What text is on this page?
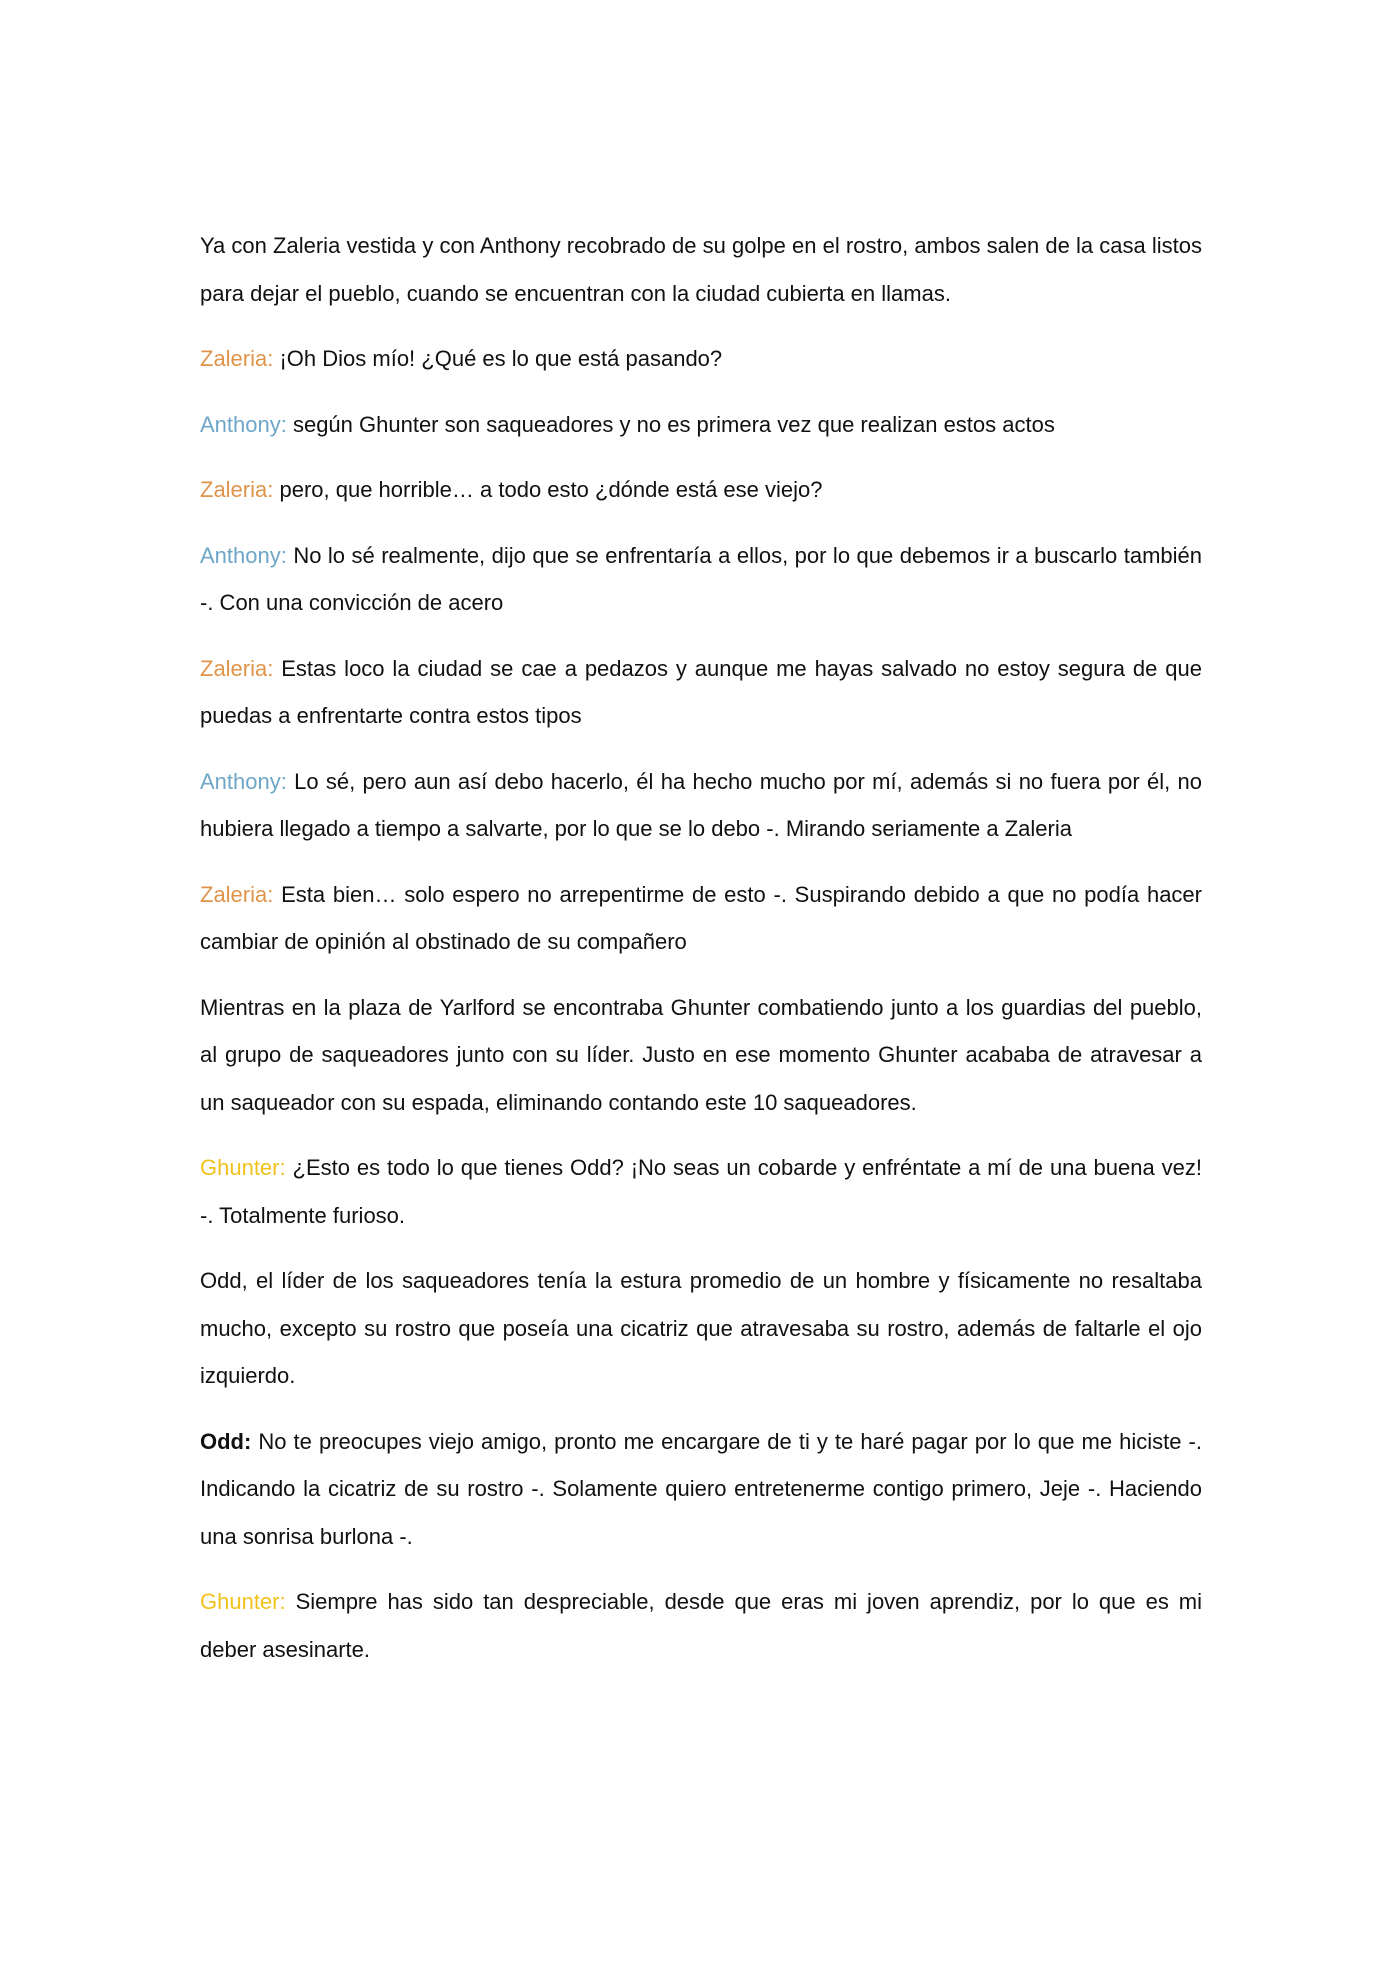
Ya con Zaleria vestida y con Anthony recobrado de su golpe en el rostro, ambos salen de la casa listos para dejar el pueblo, cuando se encuentran con la ciudad cubierta en llamas.

Zaleria: ¡Oh Dios mío! ¿Qué es lo que está pasando?

Anthony: según Ghunter son saqueadores y no es primera vez que realizan estos actos

Zaleria: pero, que horrible… a todo esto ¿dónde está ese viejo?

Anthony: No lo sé realmente, dijo que se enfrentaría a ellos, por lo que debemos ir a buscarlo también -. Con una convicción de acero

Zaleria: Estas loco la ciudad se cae a pedazos y aunque me hayas salvado no estoy segura de que puedas a enfrentarte contra estos tipos

Anthony: Lo sé, pero aun así debo hacerlo, él ha hecho mucho por mí, además si no fuera por él, no hubiera llegado a tiempo a salvarte, por lo que se lo debo -. Mirando seriamente a Zaleria

Zaleria: Esta bien… solo espero no arrepentirme de esto -. Suspirando debido a que no podía hacer cambiar de opinión al obstinado de su compañero

Mientras en la plaza de Yarlford se encontraba Ghunter combatiendo junto a los guardias del pueblo, al grupo de saqueadores junto con su líder. Justo en ese momento Ghunter acababa de atravesar a un saqueador con su espada, eliminando contando este 10 saqueadores.

Ghunter: ¿Esto es todo lo que tienes Odd? ¡No seas un cobarde y enfréntate a mí de una buena vez! -. Totalmente furioso.

Odd, el líder de los saqueadores tenía la estura promedio de un hombre y físicamente no resaltaba mucho, excepto su rostro que poseía una cicatriz que atravesaba su rostro, además de faltarle el ojo izquierdo.

Odd: No te preocupes viejo amigo, pronto me encargare de ti y te haré pagar por lo que me hiciste -. Indicando la cicatriz de su rostro -. Solamente quiero entretenerme contigo primero, Jeje -. Haciendo una sonrisa burlona -.

Ghunter: Siempre has sido tan despreciable, desde que eras mi joven aprendiz, por lo que es mi deber asesinarte.
